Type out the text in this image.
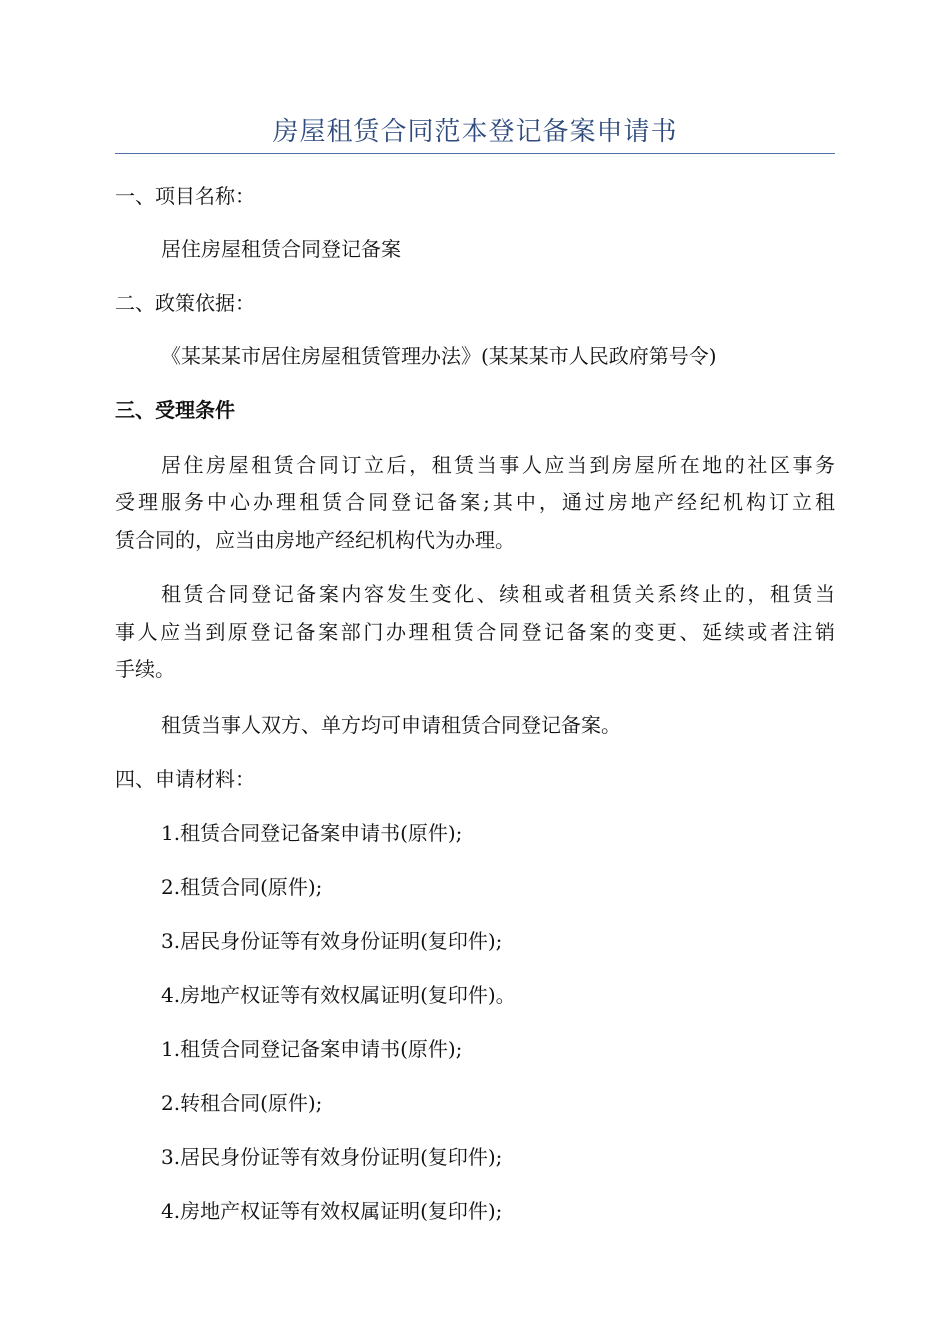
房屋租赁合同范本登记备案申请书
一、项目名称：
居住房屋租赁合同登记备案
二、政策依据：
《某某某市居住房屋租赁管理办法》(某某某市人民政府第号令)
三、受理条件
居住房屋租赁合同订立后，租赁当事人应当到房屋所在地的社区事务
受理服务中心办理租赁合同登记备案;其中，通过房地产经纪机构订立租
赁合同的，应当由房地产经纪机构代为办理。
租赁合同登记备案内容发生变化、续租或者租赁关系终止的，租赁当
事人应当到原登记备案部门办理租赁合同登记备案的变更、延续或者注销
手续。
租赁当事人双方、单方均可申请租赁合同登记备案。
四、申请材料：
1.租赁合同登记备案申请书(原件);
2.租赁合同(原件);
3.居民身份证等有效身份证明(复印件);
4.房地产权证等有效权属证明(复印件)。
1.租赁合同登记备案申请书(原件);
2.转租合同(原件);
3.居民身份证等有效身份证明(复印件);
4.房地产权证等有效权属证明(复印件);
